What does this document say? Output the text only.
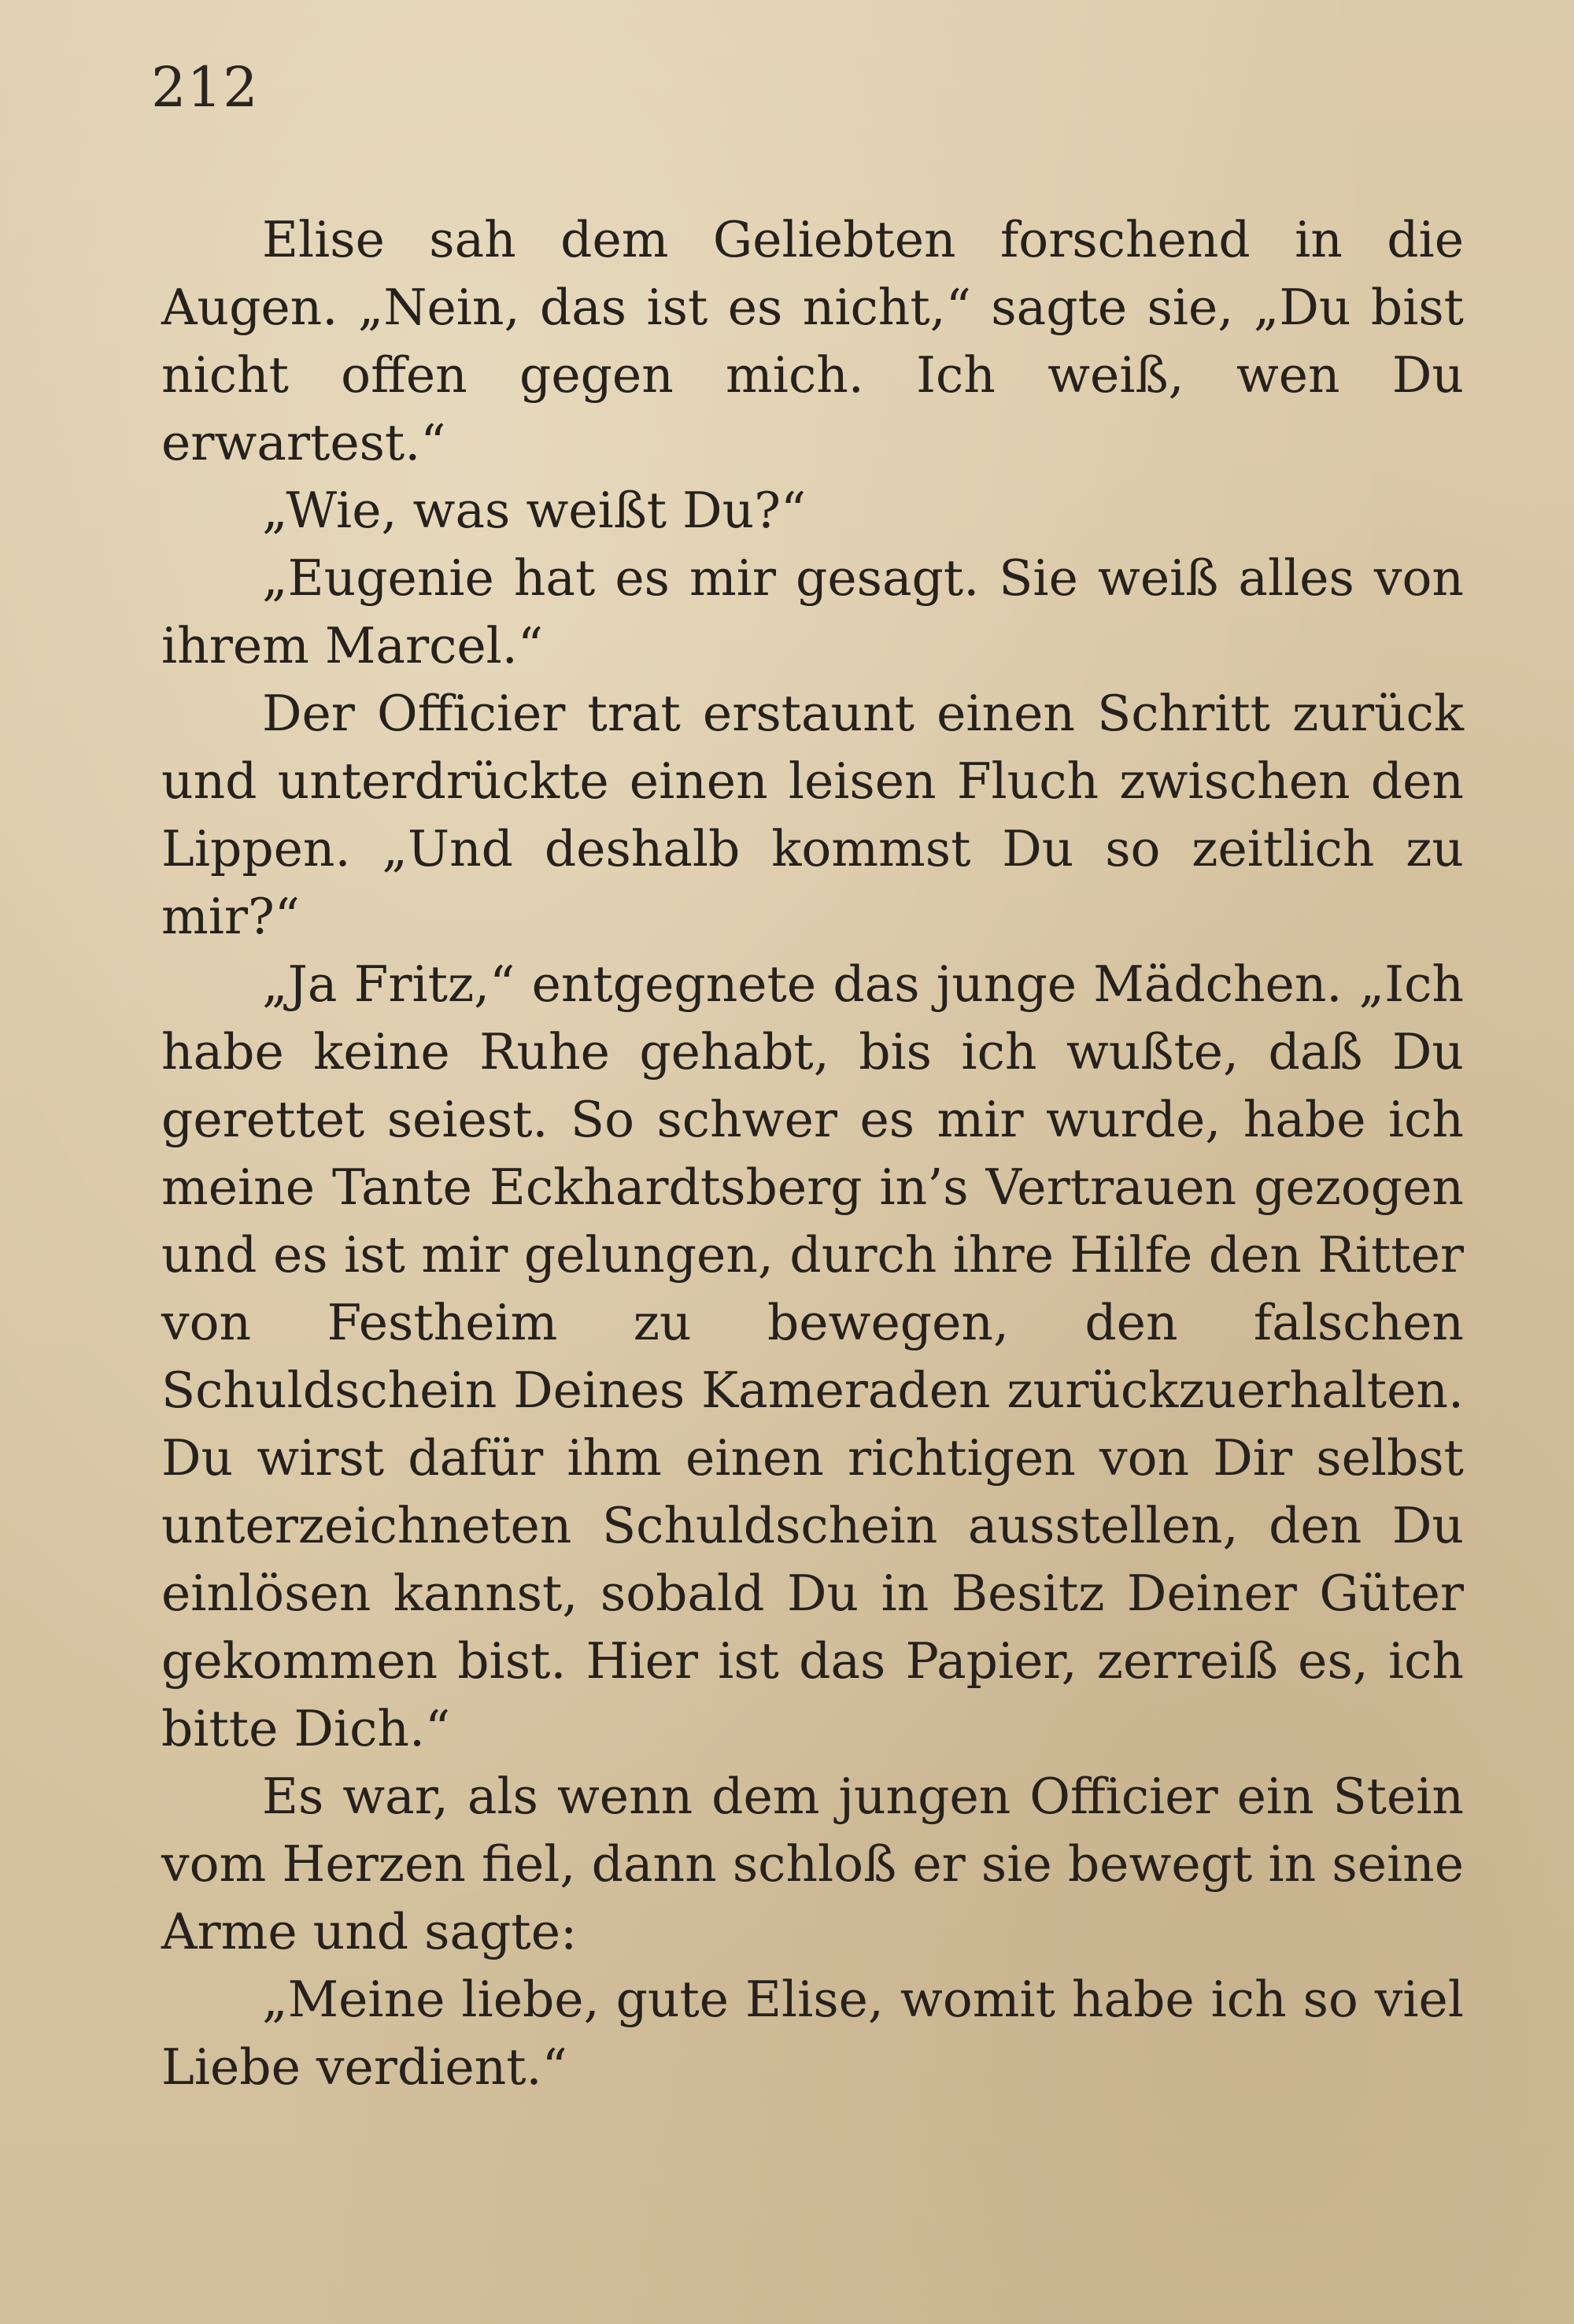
212

Elise sah dem Geliebten forschend in die Augen. „Nein, das ist es nicht,“ sagte sie, „Du bist nicht offen gegen mich. Ich weiß, wen Du erwartest.“

„Wie, was weißt Du?“

„Eugenie hat es mir gesagt. Sie weiß alles von ihrem Marcel.“

Der Officier trat erstaunt einen Schritt zurück und unterdrückte einen leisen Fluch zwischen den Lippen. „Und deshalb kommst Du so zeitlich zu mir?“

„Ja Fritz,“ entgegnete das junge Mädchen. „Ich habe keine Ruhe gehabt, bis ich wußte, daß Du gerettet seiest. So schwer es mir wurde, habe ich meine Tante Eckhardtsberg in’s Vertrauen gezogen und es ist mir gelungen, durch ihre Hilfe den Ritter von Festheim zu bewegen, den falschen Schuldschein Deines Kameraden zurückzuerhalten. Du wirst dafür ihm einen richtigen von Dir selbst unterzeichneten Schuldschein ausstellen, den Du einlösen kannst, sobald Du in Besitz Deiner Güter gekommen bist. Hier ist das Papier, zerreiß es, ich bitte Dich.“

Es war, als wenn dem jungen Officier ein Stein vom Herzen fiel, dann schloß er sie bewegt in seine Arme und sagte:

„Meine liebe, gute Elise, womit habe ich so viel Liebe verdient.“
